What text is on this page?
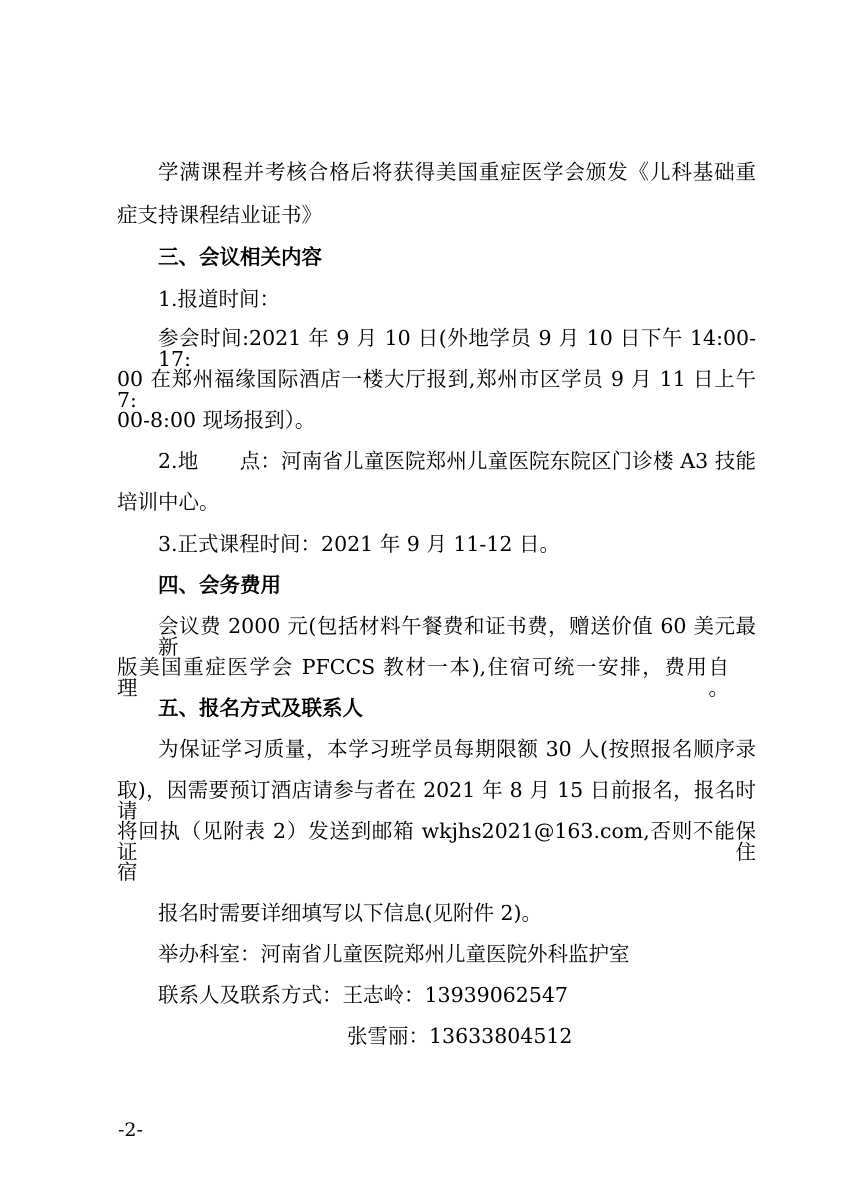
学满课程并考核合格后将获得美国重症医学会颁发《儿科基础重
症支持课程结业证书》
三、会议相关内容
1.报道时间：
参会时间:2021 年 9 月 10 日(外地学员 9 月 10 日下午 14:00-17:
00 在郑州福缘国际酒店一楼大厅报到,郑州市区学员 9 月 11 日上午 7:
00-8:00 现场报到）。
2.地　　点：河南省儿童医院郑州儿童医院东院区门诊楼 A3 技能
培训中心。
3.正式课程时间：2021 年 9 月 11-12 日。
四、会务费用
会议费 2000 元(包括材料午餐费和证书费，赠送价值 60 美元最新
版美国重症医学会 PFCCS 教材一本),住宿可统一安排，费用自理。
五、报名方式及联系人
为保证学习质量，本学习班学员每期限额 30 人(按照报名顺序录
取)，因需要预订酒店请参与者在 2021 年 8 月 15 日前报名，报名时请
将回执（见附表 2）发送到邮箱 wkjhs2021@163.com,否则不能保证住
宿
报名时需要详细填写以下信息(见附件 2)。
举办科室：河南省儿童医院郑州儿童医院外科监护室
联系人及联系方式：王志岭：13939062547
张雪丽：13633804512
-2-
